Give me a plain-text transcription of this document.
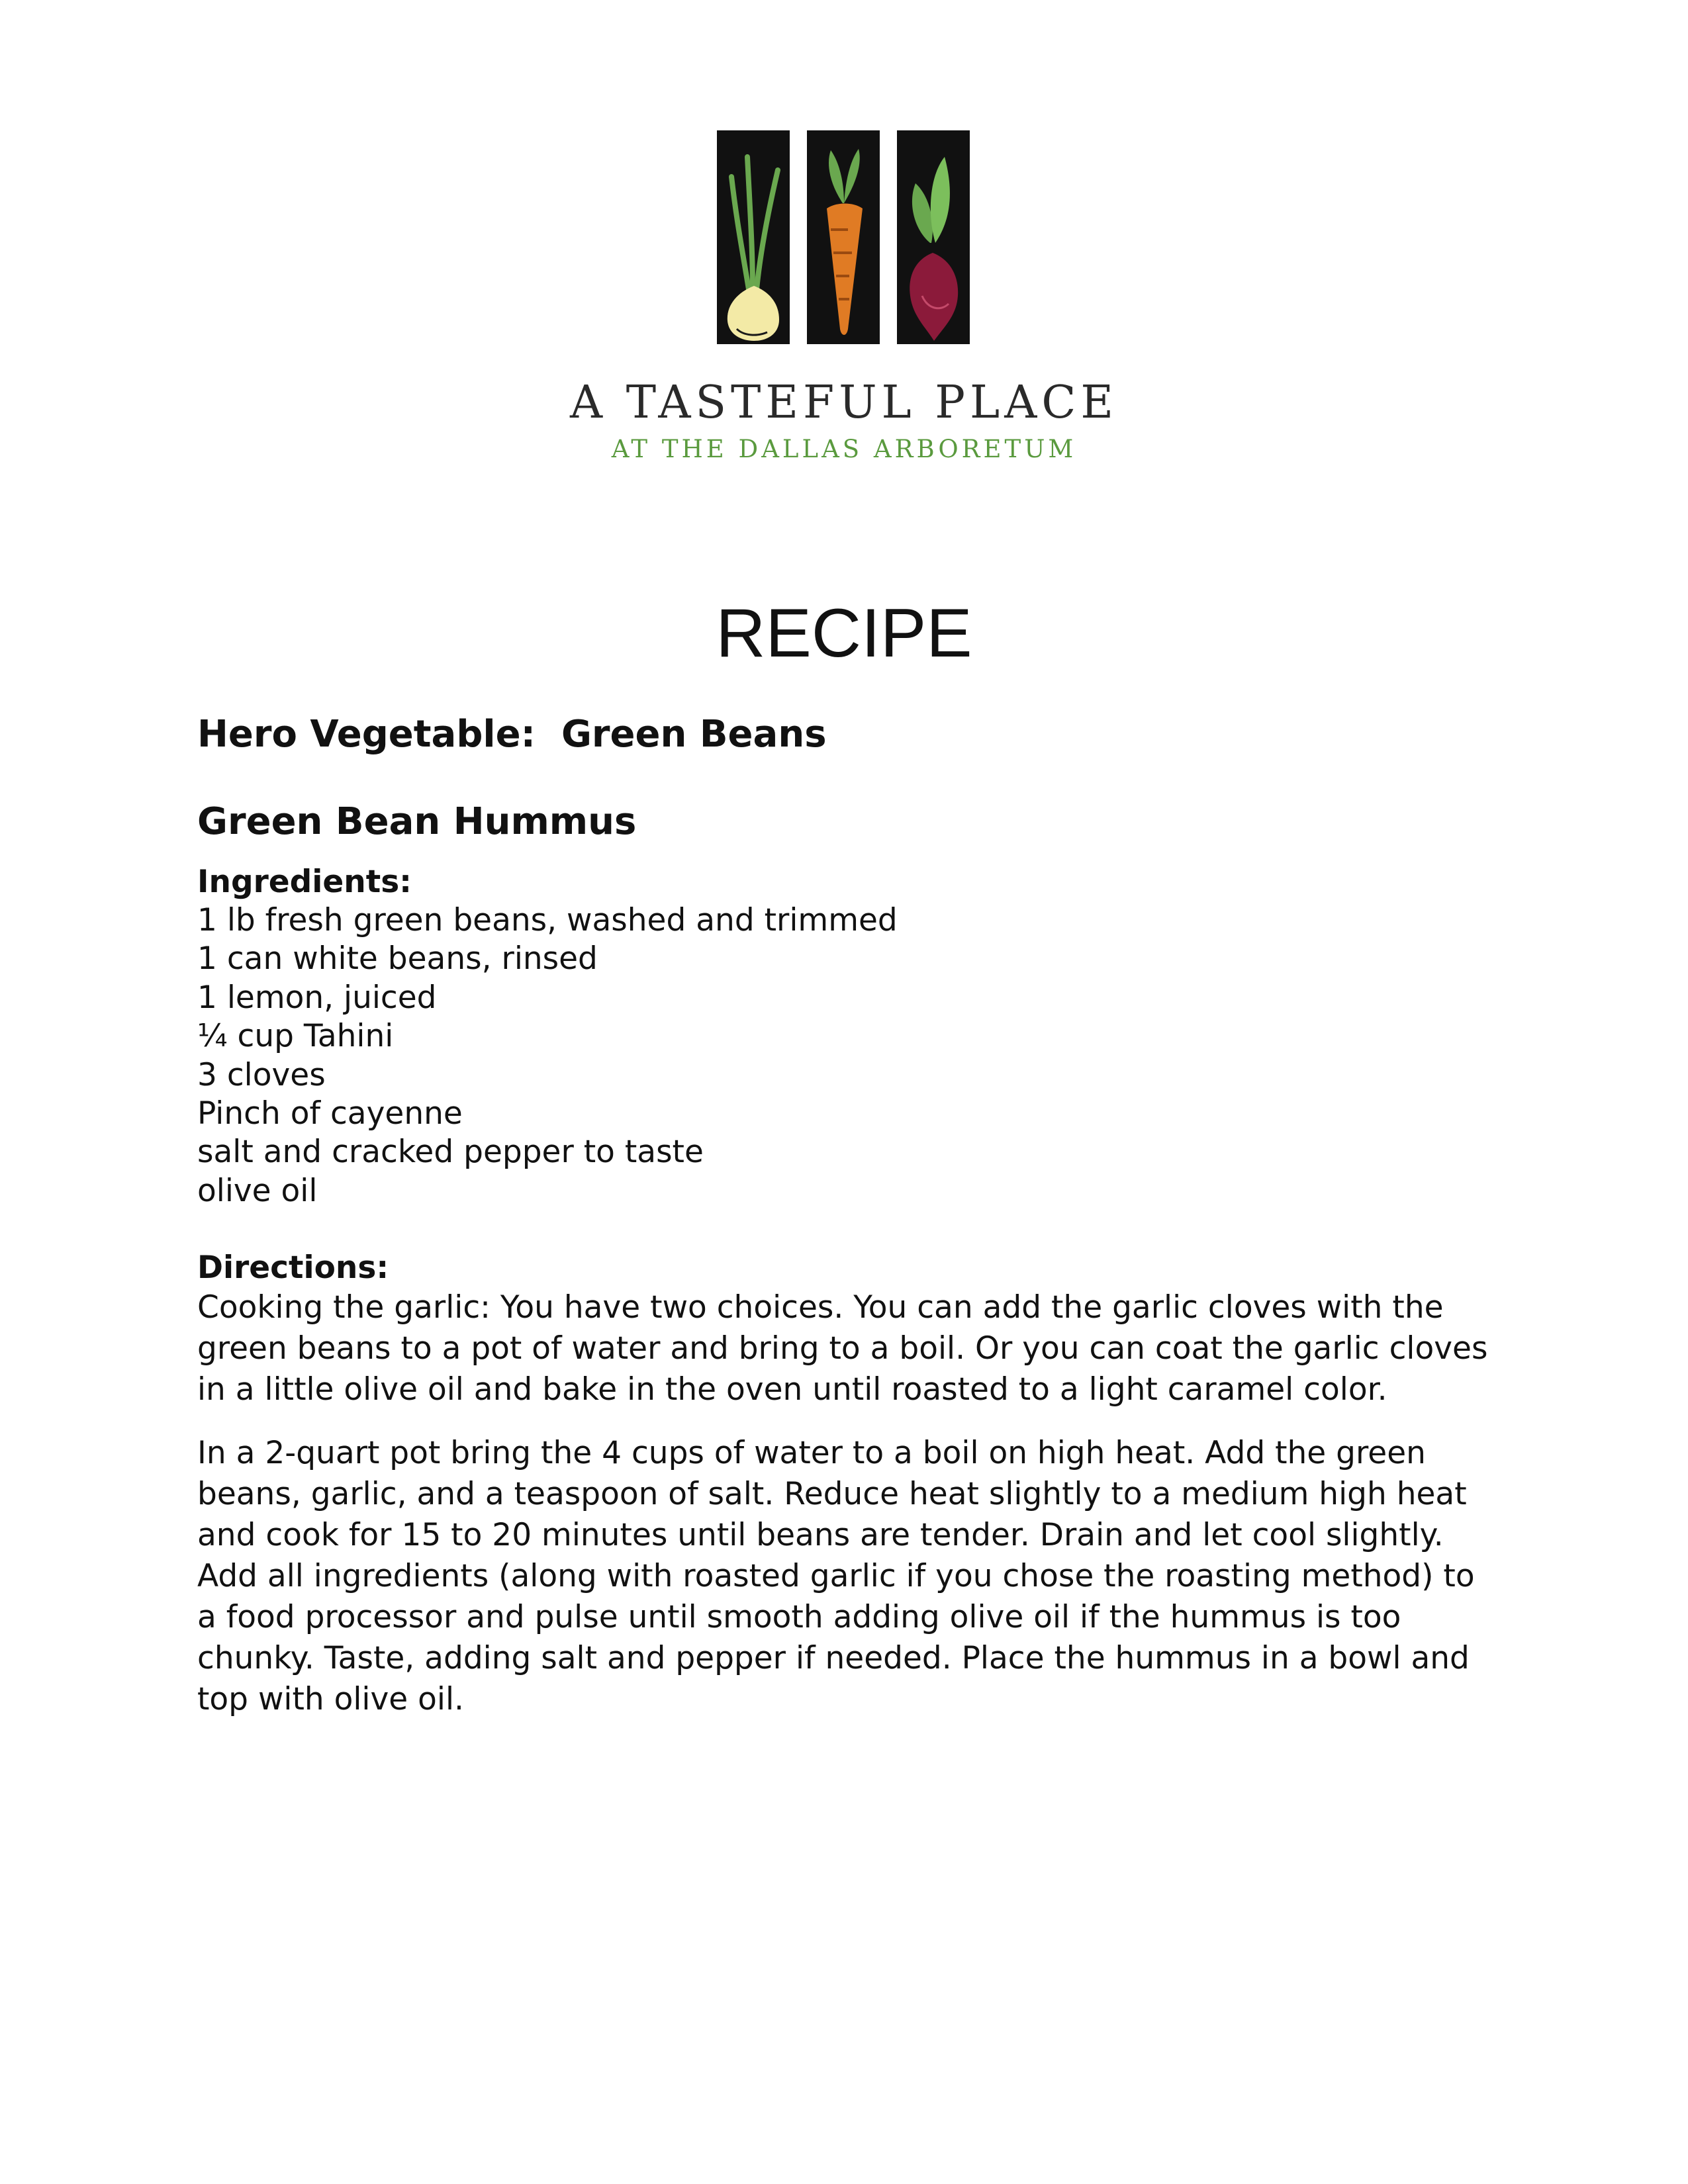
A TASTEFUL PLACE
AT THE DALLAS ARBORETUM
RECIPE

Hero Vegetable:  Green Beans

Green Bean Hummus

Ingredients:

1 lb fresh green beans, washed and trimmed
1 can white beans, rinsed
1 lemon, juiced
¼ cup Tahini
3 cloves
Pinch of cayenne
salt and cracked pepper to taste
olive oil

Directions:

Cooking the garlic: You have two choices. You can add the garlic cloves with the green beans to a pot of water and bring to a boil. Or you can coat the garlic cloves in a little olive oil and bake in the oven until roasted to a light caramel color.

In a 2-quart pot bring the 4 cups of water to a boil on high heat. Add the green beans, garlic, and a teaspoon of salt. Reduce heat slightly to a medium high heat and cook for 15 to 20 minutes until beans are tender. Drain and let cool slightly. Add all ingredients (along with roasted garlic if you chose the roasting method) to a food processor and pulse until smooth adding olive oil if the hummus is too chunky. Taste, adding salt and pepper if needed. Place the hummus in a bowl and top with olive oil.
